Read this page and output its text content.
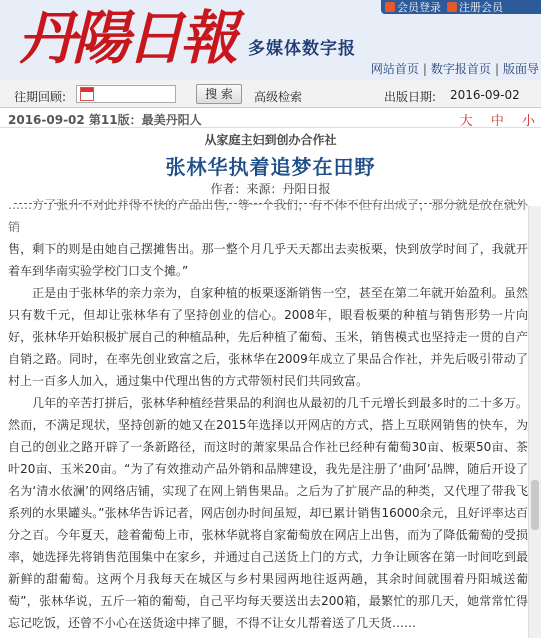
丹陽日報 多媒体数字报
会员登录	注册会员
网站首页 | 数字报首页 | 版面导
往期回顾:	搜 索	高级检索	出版日期: 2016-09-02
2016-09-02 第11版：最美丹阳人	大 中 小
从家庭主妇到创办合作社
张林华执着追梦在田野
作者：来源：丹阳日报

……方了张升不对此并得不快的产品出售，等一个我们，有不体不但有出成了，那分就是放在就外销

售，剩下的则是由她自己摆摊售出。那一整个月几乎天天都出去卖板栗，快到放学时间了，我就开着车到华南实验学校门口支个摊。”

正是由于张林华的亲力亲为，自家种植的板栗逐渐销售一空，甚至在第二年就开始盈利。虽然只有数千元，但却让张林华有了坚持创业的信心。2008年，眼看板栗的种植与销售形势一片向好，张林华开始积极扩展自己的种植品种，先后种植了葡萄、玉米，销售模式也坚持走一贯的自产自销之路。同时，在率先创业致富之后，张林华在2009年成立了果品合作社，并先后吸引带动了村上一百多人加入，通过集中代理出售的方式带领村民们共同致富。

几年的辛苦打拼后，张林华种植经营果品的利润也从最初的几千元增长到最多时的二十多万。然而，不满足现状，坚持创新的她又在2015年选择以开网店的方式，搭上互联网销售的快车，为自己的创业之路开辟了一条新路径，而这时的萧家果品合作社已经种有葡萄30亩、板栗50亩、茶叶20亩、玉米20亩。“为了有效推动产品外销和品牌建设，我先是注册了‘曲阿’品牌，随后开设了名为‘清水依澜’的网络店铺，实现了在网上销售果品。之后为了扩展产品的种类，又代理了带我飞系列的水果罐头。”张林华告诉记者，网店创办时间虽短，却已累计销售16000余元，且好评率达百分之百。今年夏天，趁着葡萄上市，张林华就将自家葡萄放在网店上出售，而为了降低葡萄的受损率，她选择先将销售范围集中在家乡，并通过自己送货上门的方式，力争让顾客在第一时间吃到最新鲜的甜葡萄。这两个月我每天在城区与乡村果园两地往返两趟，其余时间就围着丹阳城送葡萄”，张林华说，五斤一箱的葡萄，自己平均每天要送出去200箱，最繁忙的那几天，她常常忙得忘记吃饭，还曾不小心在送货途中摔了腿，不得不让女儿帮着送了几天货……
